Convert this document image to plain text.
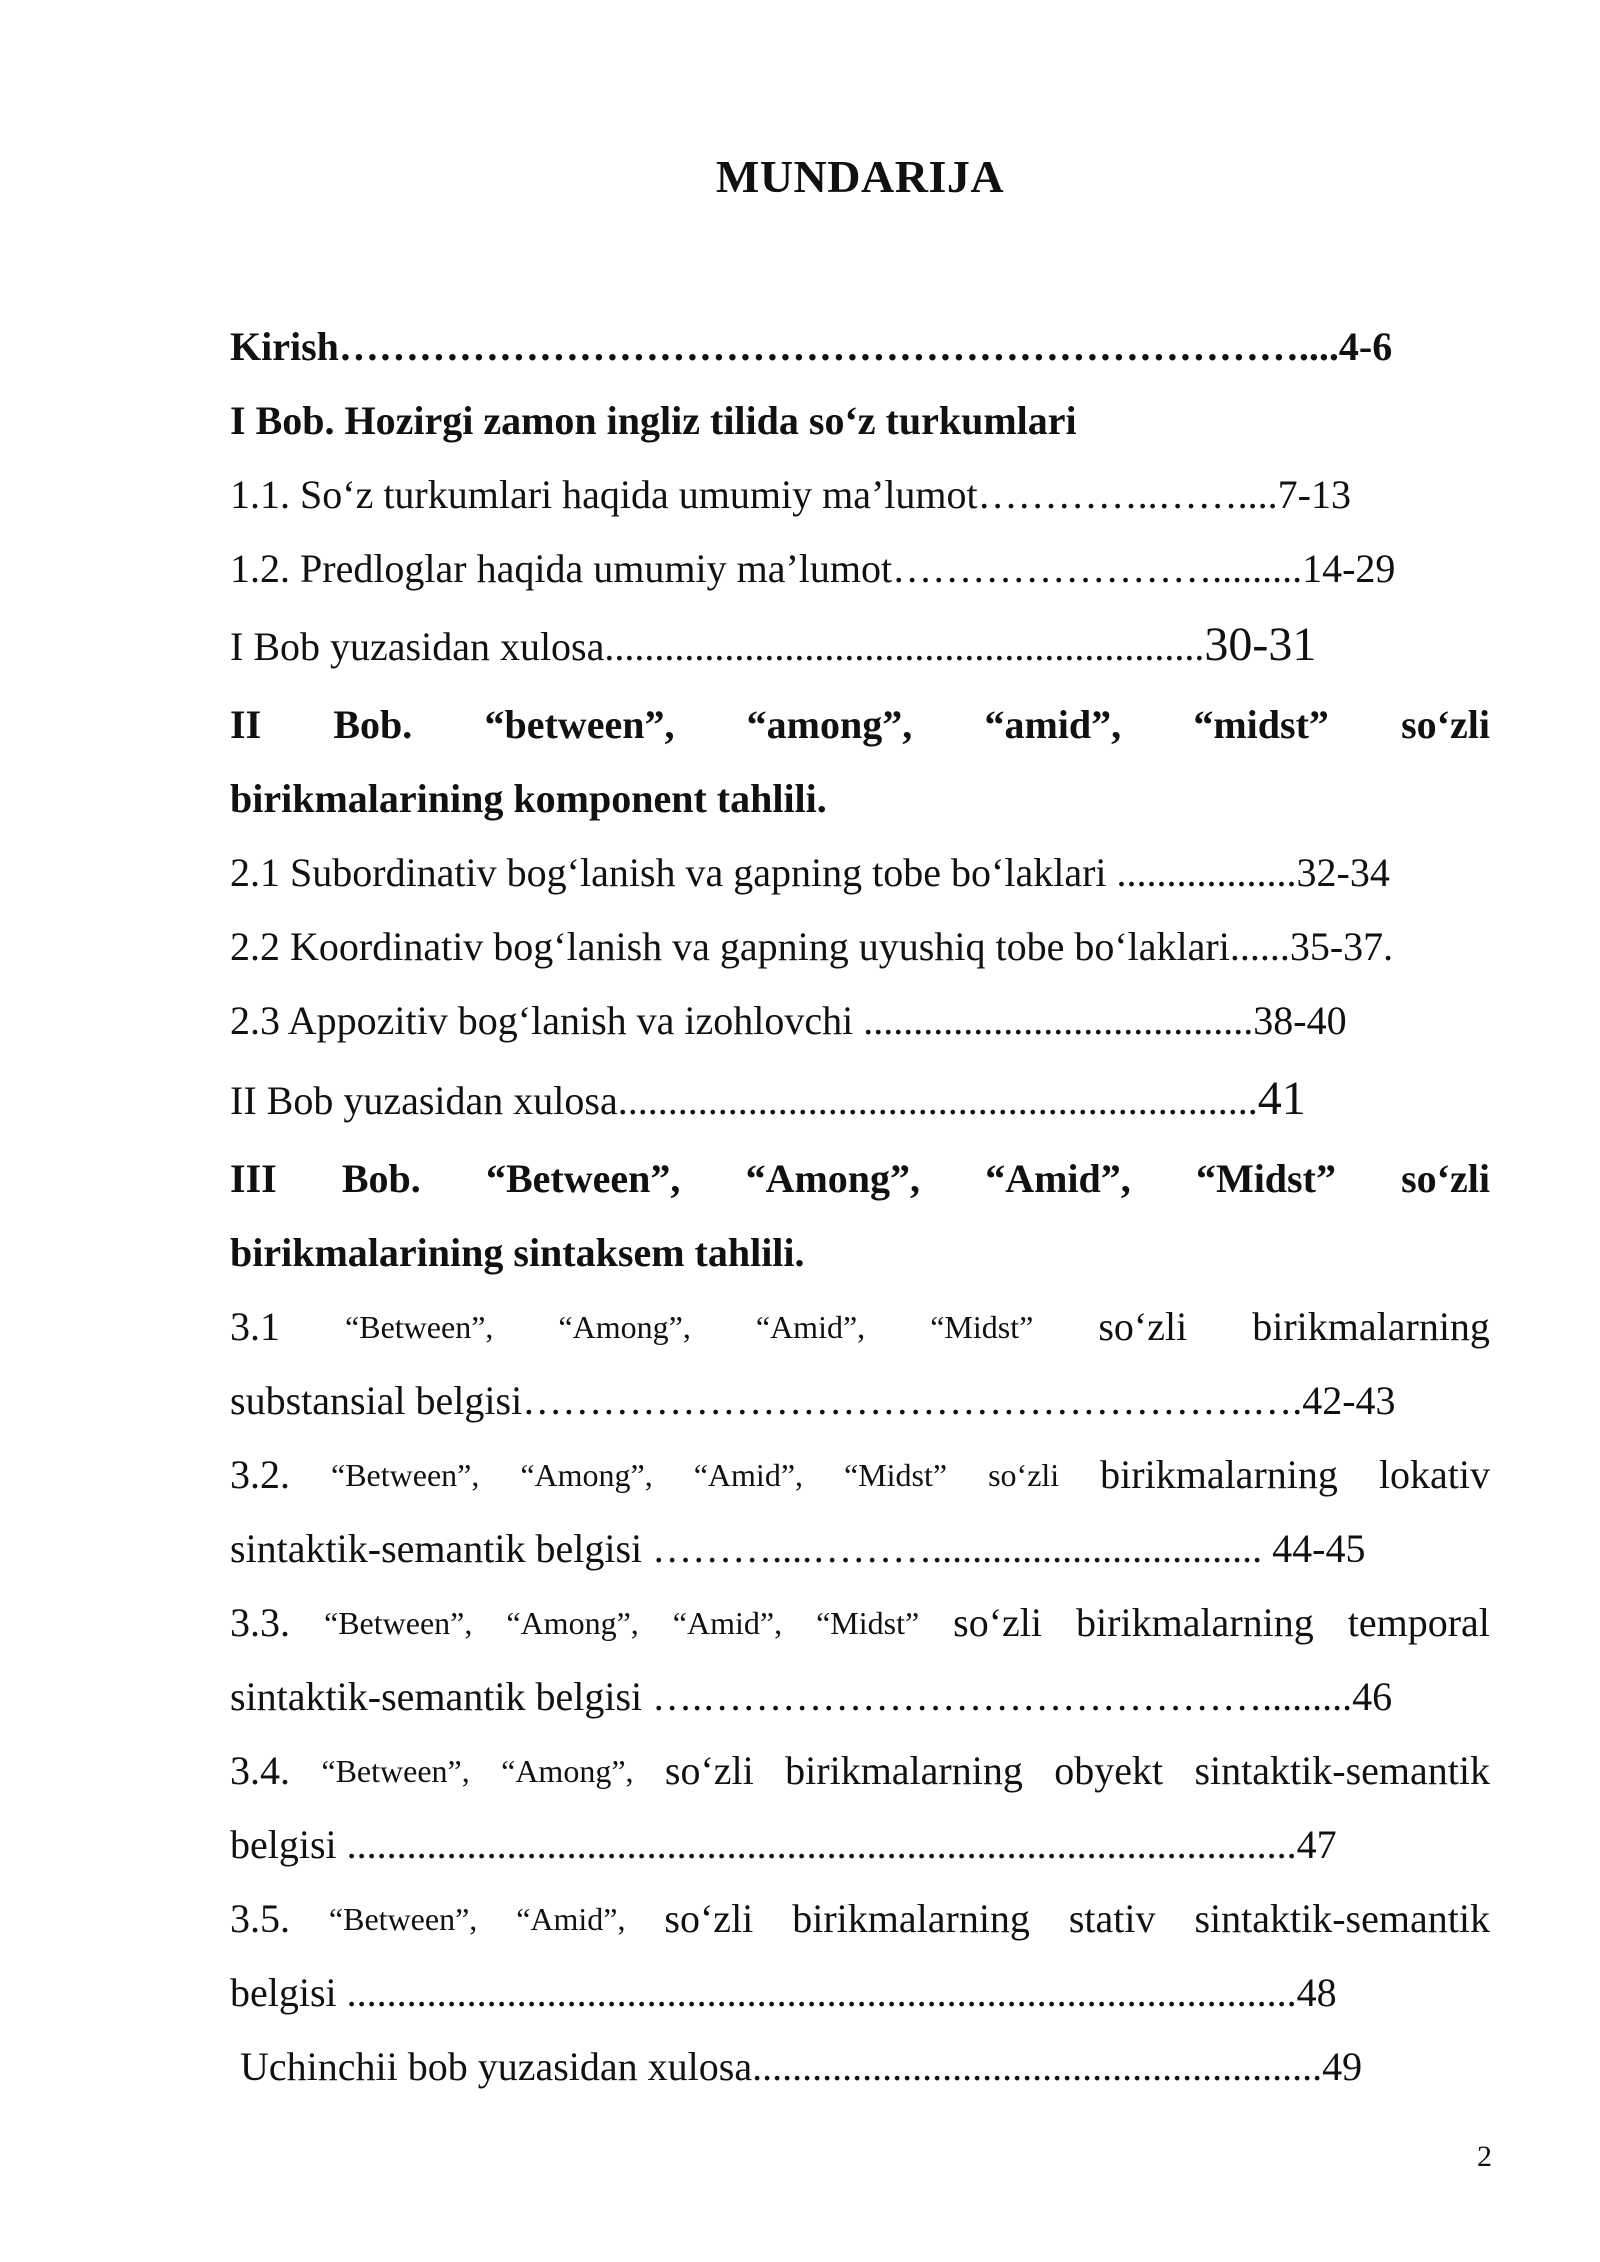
MUNDARIJA
Kirish………………………………………………………………....4-6
I Bob. Hozirgi zamon ingliz tilida so‘z turkumlari
1.1. So‘z turkumlari haqida umumiy ma’lumot…………..……....7-13
1.2. Predloglar haqida umumiy ma’lumot…………………….........14-29
I Bob yuzasidan xulosa............................................................30-31
II Bob. “between”, “among”, “amid”, “midst” so‘zli
birikmalarining komponent tahlili.
2.1 Subordinativ bog‘lanish va gapning tobe bo‘laklari ..................32-34
2.2 Koordinativ bog‘lanish va gapning uyushiq tobe bo‘laklari......35-37.
2.3 Appozitiv bog‘lanish va izohlovchi .......................................38-40
II Bob yuzasidan xulosa................................................................41
III Bob. “Between”, “Among”, “Amid”, “Midst” so‘zli
birikmalarining sintaksem tahlili.
3.1 “Between”, “Among”, “Amid”, “Midst” so‘zli birikmalarning
substansial belgisi……………………………………………….….42-43
3.2. “Between”, “Among”, “Amid”, “Midst” so‘zli birikmalarning lokativ
sintaktik-semantik belgisi ………....………................................. 44-45
3.3. “Between”, “Among”, “Amid”, “Midst” so‘zli birikmalarning temporal
sintaktik-semantik belgisi ….…………………………………….........46
3.4. “Between”, “Among”, so‘zli birikmalarning obyekt sintaktik-semantik
belgisi ...............................................................................................47
3.5. “Between”, “Amid”, so‘zli birikmalarning stativ sintaktik-semantik
belgisi ...............................................................................................48
Uchinchii bob yuzasidan xulosa.........................................................49
2
